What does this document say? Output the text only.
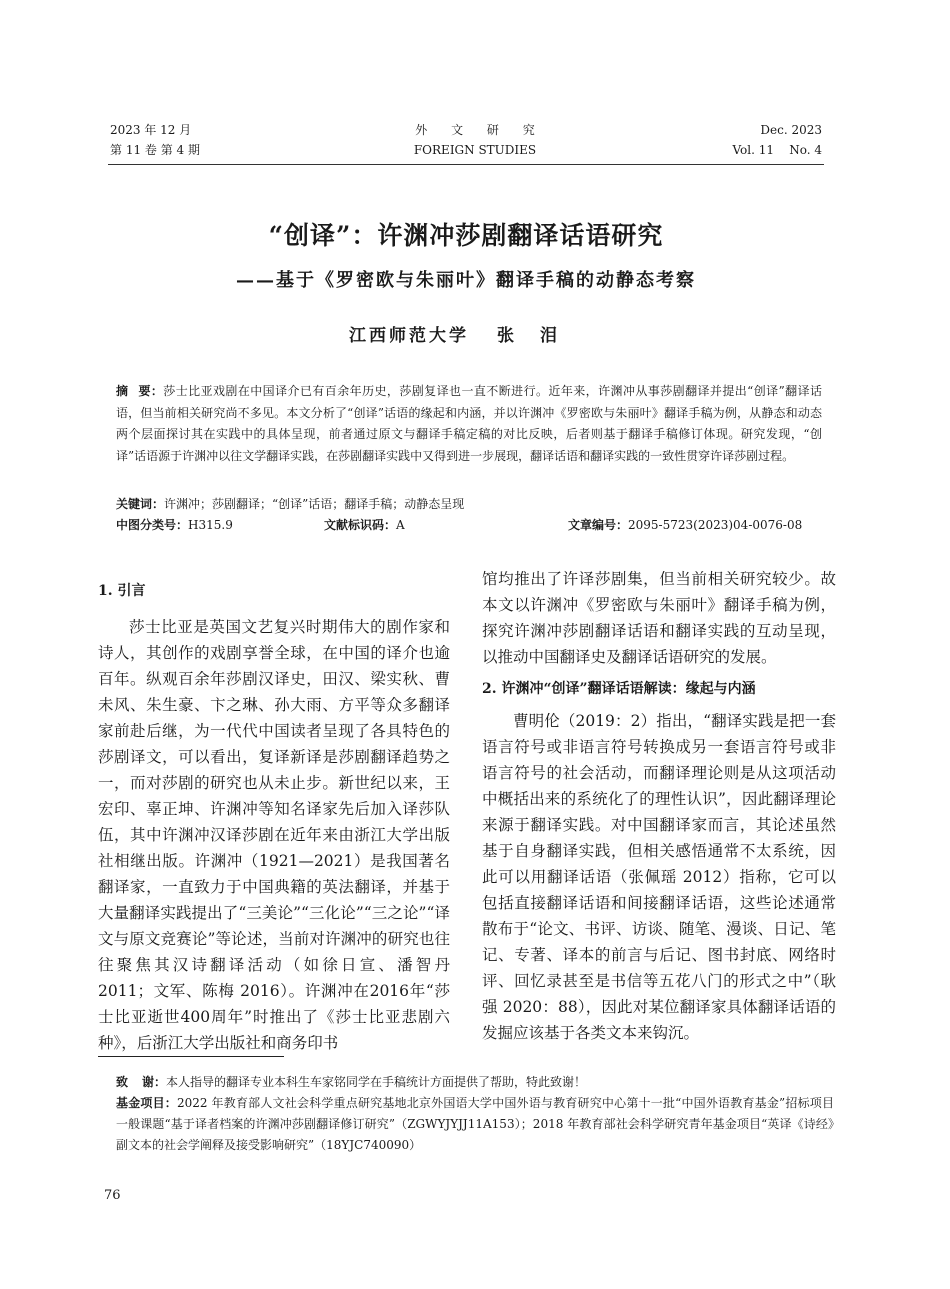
2023 年 12 月
第 11 卷 第 4 期
外 文 研 究
FOREIGN STUDIES
Dec. 2023
Vol. 11    No. 4
“创译”：许渊冲莎剧翻译话语研究
——基于《罗密欧与朱丽叶》翻译手稿的动静态考察
江西师范大学 张泪
摘要：莎士比亚戏剧在中国译介已有百余年历史，莎剧复译也一直不断进行。近年来，许渊冲从事莎剧翻译并提出“创译”翻译话语，但当前相关研究尚不多见。本文分析了“创译”话语的缘起和内涵，并以许渊冲《罗密欧与朱丽叶》翻译手稿为例，从静态和动态两个层面探讨其在实践中的具体呈现，前者通过原文与翻译手稿定稿的对比反映，后者则基于翻译手稿修订体现。研究发现，“创译”话语源于许渊冲以往文学翻译实践，在莎剧翻译实践中又得到进一步展现，翻译话语和翻译实践的一致性贯穿许译莎剧过程。
关键词：许渊冲；莎剧翻译；“创译”话语；翻译手稿；动静态呈现
中图分类号：H315.9	文献标识码：A	文章编号：2095-5723(2023)04-0076-08
1. 引言

莎士比亚是英国文艺复兴时期伟大的剧作家和诗人，其创作的戏剧享誉全球，在中国的译介也逾百年。纵观百余年莎剧汉译史，田汉、梁实秋、曹未风、朱生豪、卞之琳、孙大雨、方平等众多翻译家前赴后继，为一代代中国读者呈现了各具特色的莎剧译文，可以看出，复译新译是莎剧翻译趋势之一，而对莎剧的研究也从未止步。新世纪以来，王宏印、辜正坤、许渊冲等知名译家先后加入译莎队伍，其中许渊冲汉译莎剧在近年来由浙江大学出版社相继出版。许渊冲（1921—2021）是我国著名翻译家，一直致力于中国典籍的英法翻译，并基于大量翻译实践提出了“三美论”“三化论”“三之论”“译文与原文竞赛论”等论述，当前对许渊冲的研究也往往聚焦其汉诗翻译活动（如徐日宣、潘智丹 2011；文军、陈梅 2016）。许渊冲在2016年“莎士比亚逝世400周年”时推出了《莎士比亚悲剧六种》，后浙江大学出版社和商务印书

馆均推出了许译莎剧集，但当前相关研究较少。故本文以许渊冲《罗密欧与朱丽叶》翻译手稿为例，探究许渊冲莎剧翻译话语和翻译实践的互动呈现，以推动中国翻译史及翻译话语研究的发展。

2. 许渊冲“创译”翻译话语解读：缘起与内涵

曹明伦（2019：2）指出，“翻译实践是把一套语言符号或非语言符号转换成另一套语言符号或非语言符号的社会活动，而翻译理论则是从这项活动中概括出来的系统化了的理性认识”，因此翻译理论来源于翻译实践。对中国翻译家而言，其论述虽然基于自身翻译实践，但相关感悟通常不太系统，因此可以用翻译话语（张佩瑶 2012）指称，它可以包括直接翻译话语和间接翻译话语，这些论述通常散布于“论文、书评、访谈、随笔、漫谈、日记、笔记、专著、译本的前言与后记、图书封底、网络时评、回忆录甚至是书信等五花八门的形式之中”（耿强 2020：88），因此对某位翻译家具体翻译话语的发掘应该基于各类文本来钩沉。

致谢：本人指导的翻译专业本科生车家铭同学在手稿统计方面提供了帮助，特此致谢！
基金项目：2022 年教育部人文社会科学重点研究基地北京外国语大学中国外语与教育研究中心第十一批“中国外语教育基金”招标项目一般课题“基于译者档案的许渊冲莎剧翻译修订研究”（ZGWYJYJJ11A153）；2018 年教育部社会科学研究青年基金项目“英译《诗经》副文本的社会学阐释及接受影响研究”（18YJC740090）
76
